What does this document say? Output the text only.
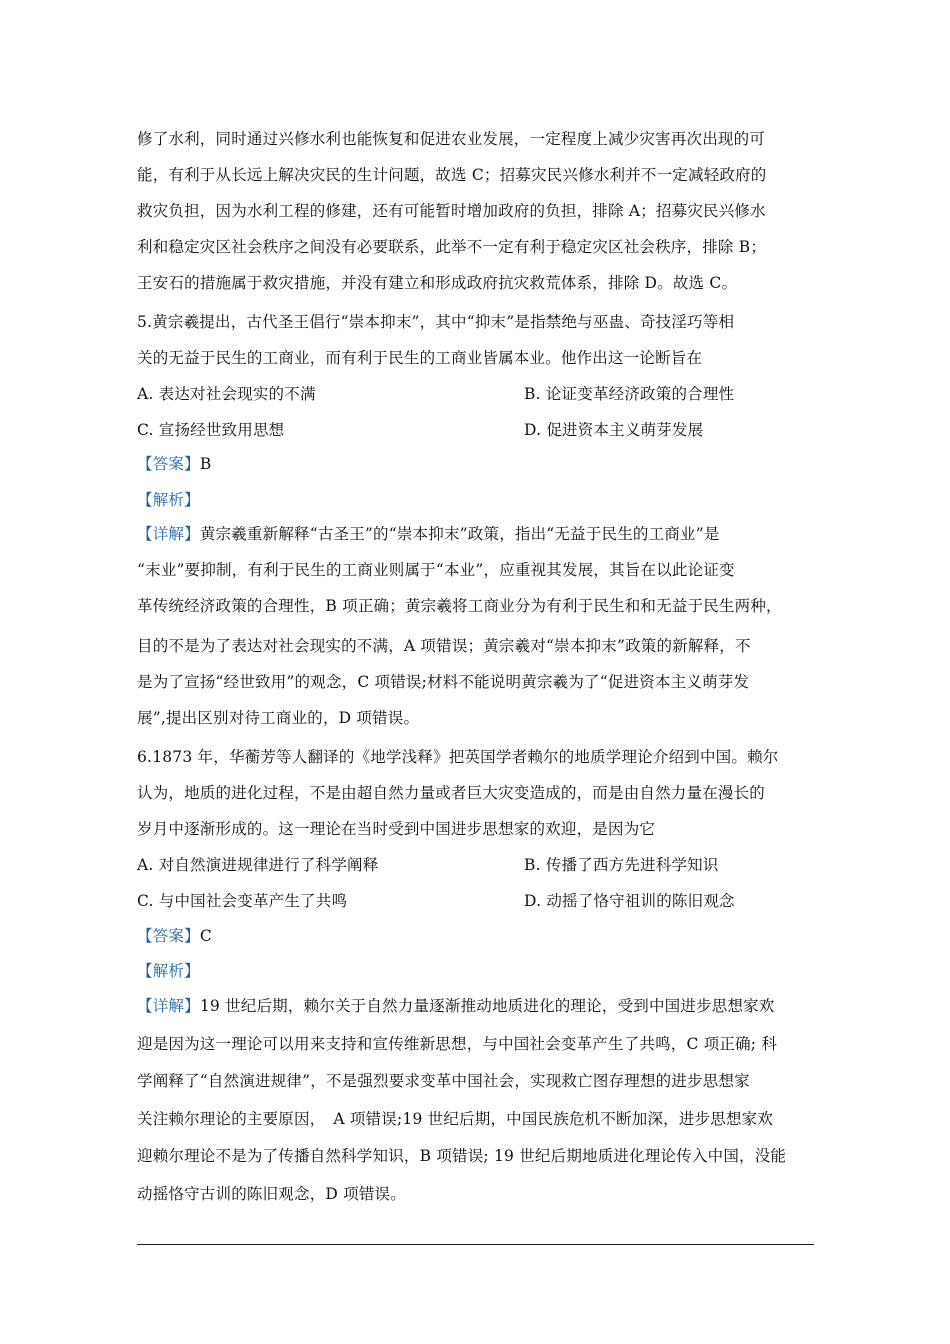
修了水利，同时通过兴修水利也能恢复和促进农业发展，一定程度上减少灾害再次出现的可
能，有利于从长远上解决灾民的生计问题，故选 C；招募灾民兴修水利并不一定减轻政府的
救灾负担，因为水利工程的修建，还有可能暂时增加政府的负担，排除 A；招募灾民兴修水
利和稳定灾区社会秩序之间没有必要联系，此举不一定有利于稳定灾区社会秩序，排除 B；
王安石的措施属于救灾措施，并没有建立和形成政府抗灾救荒体系，排除 D。故选 C。
5.黄宗羲提出，古代圣王倡行“崇本抑末”，其中“抑末”是指禁绝与巫蛊、奇技淫巧等相
关的无益于民生的工商业，而有利于民生的工商业皆属本业。他作出这一论断旨在
A. 表达对社会现实的不满	B. 论证变革经济政策的合理性
C. 宣扬经世致用思想	D. 促进资本主义萌芽发展
【答案】B
【解析】
【详解】黄宗羲重新解释“古圣王”的“崇本抑末”政策，指出“无益于民生的工商业”是
“末业”要抑制，有利于民生的工商业则属于“本业”，应重视其发展，其旨在以此论证变
革传统经济政策的合理性，B 项正确；黄宗羲将工商业分为有利于民生和和无益于民生两种，
目的不是为了表达对社会现实的不满，A 项错误；黄宗羲对“崇本抑末”政策的新解释，不
是为了宣扬“经世致用”的观念，C 项错误;材料不能说明黄宗羲为了“促进资本主义萌芽发
展”,提出区别对待工商业的，D 项错误。
6.1873 年，华蘅芳等人翻译的《地学浅释》把英国学者赖尔的地质学理论介绍到中国。赖尔
认为，地质的进化过程，不是由超自然力量或者巨大灾变造成的，而是由自然力量在漫长的
岁月中逐渐形成的。这一理论在当时受到中国进步思想家的欢迎，是因为它
A. 对自然演进规律进行了科学阐释	B. 传播了西方先进科学知识
C. 与中国社会变革产生了共鸣	D. 动摇了恪守祖训的陈旧观念
【答案】C
【解析】
【详解】19 世纪后期，赖尔关于自然力量逐渐推动地质进化的理论，受到中国进步思想家欢
迎是因为这一理论可以用来支持和宣传维新思想，与中国社会变革产生了共鸣，C 项正确; 科
学阐释了“自然演进规律”，不是强烈要求变革中国社会，实现救亡图存理想的进步思想家
关注赖尔理论的主要原因，　A 项错误;19 世纪后期，中国民族危机不断加深，进步思想家欢
迎赖尔理论不是为了传播自然科学知识，B 项错误; 19 世纪后期地质进化理论传入中国，没能
动摇恪守古训的陈旧观念，D 项错误。
